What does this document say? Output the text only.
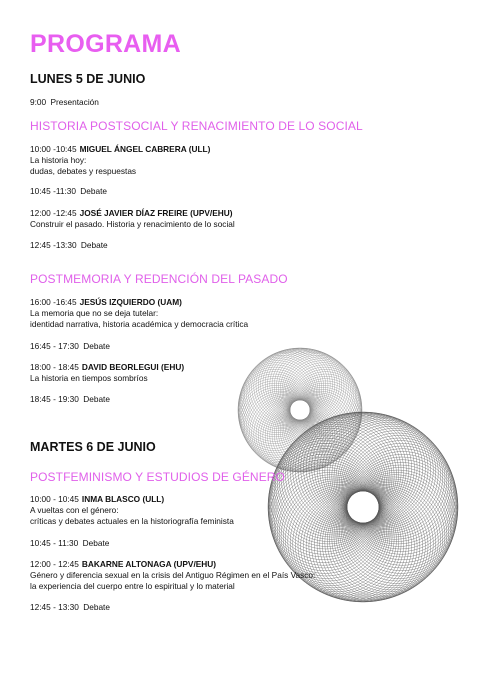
PROGRAMA
LUNES 5 DE JUNIO
9:00 Presentación
HISTORIA POSTSOCIAL Y RENACIMIENTO DE LO SOCIAL
10:00 -10:45 MIGUEL ÁNGEL CABRERA (ULL)
La historia hoy:
dudas, debates y respuestas
10:45 -11:30 Debate
12:00 -12:45 JOSÉ JAVIER DÍAZ FREIRE (UPV/EHU)
Construir el pasado. Historia y renacimiento de lo social
12:45 -13:30 Debate
POSTMEMORIA Y REDENCIÓN DEL PASADO
16:00 -16:45 JESÚS IZQUIERDO (UAM)
La memoria que no se deja tutelar:
identidad narrativa, historia académica y democracia crítica
16:45 - 17:30 Debate
18:00 - 18:45 DAVID BEORLEGUI (EHU)
La historia en tiempos sombríos
18:45 - 19:30 Debate
MARTES 6 DE JUNIO
POSTFEMINISMO Y ESTUDIOS DE GÉNERO
10:00 - 10:45 INMA BLASCO (ULL)
A vueltas con el género:
críticas y debates actuales en la historiografía feminista
10:45 - 11:30 Debate
12:00 - 12:45 BAKARNE ALTONAGA (UPV/EHU)
Género y diferencia sexual en la crisis del Antiguo Régimen en el País Vasco:
la experiencia del cuerpo entre lo espiritual y lo material
12:45 - 13:30 Debate
